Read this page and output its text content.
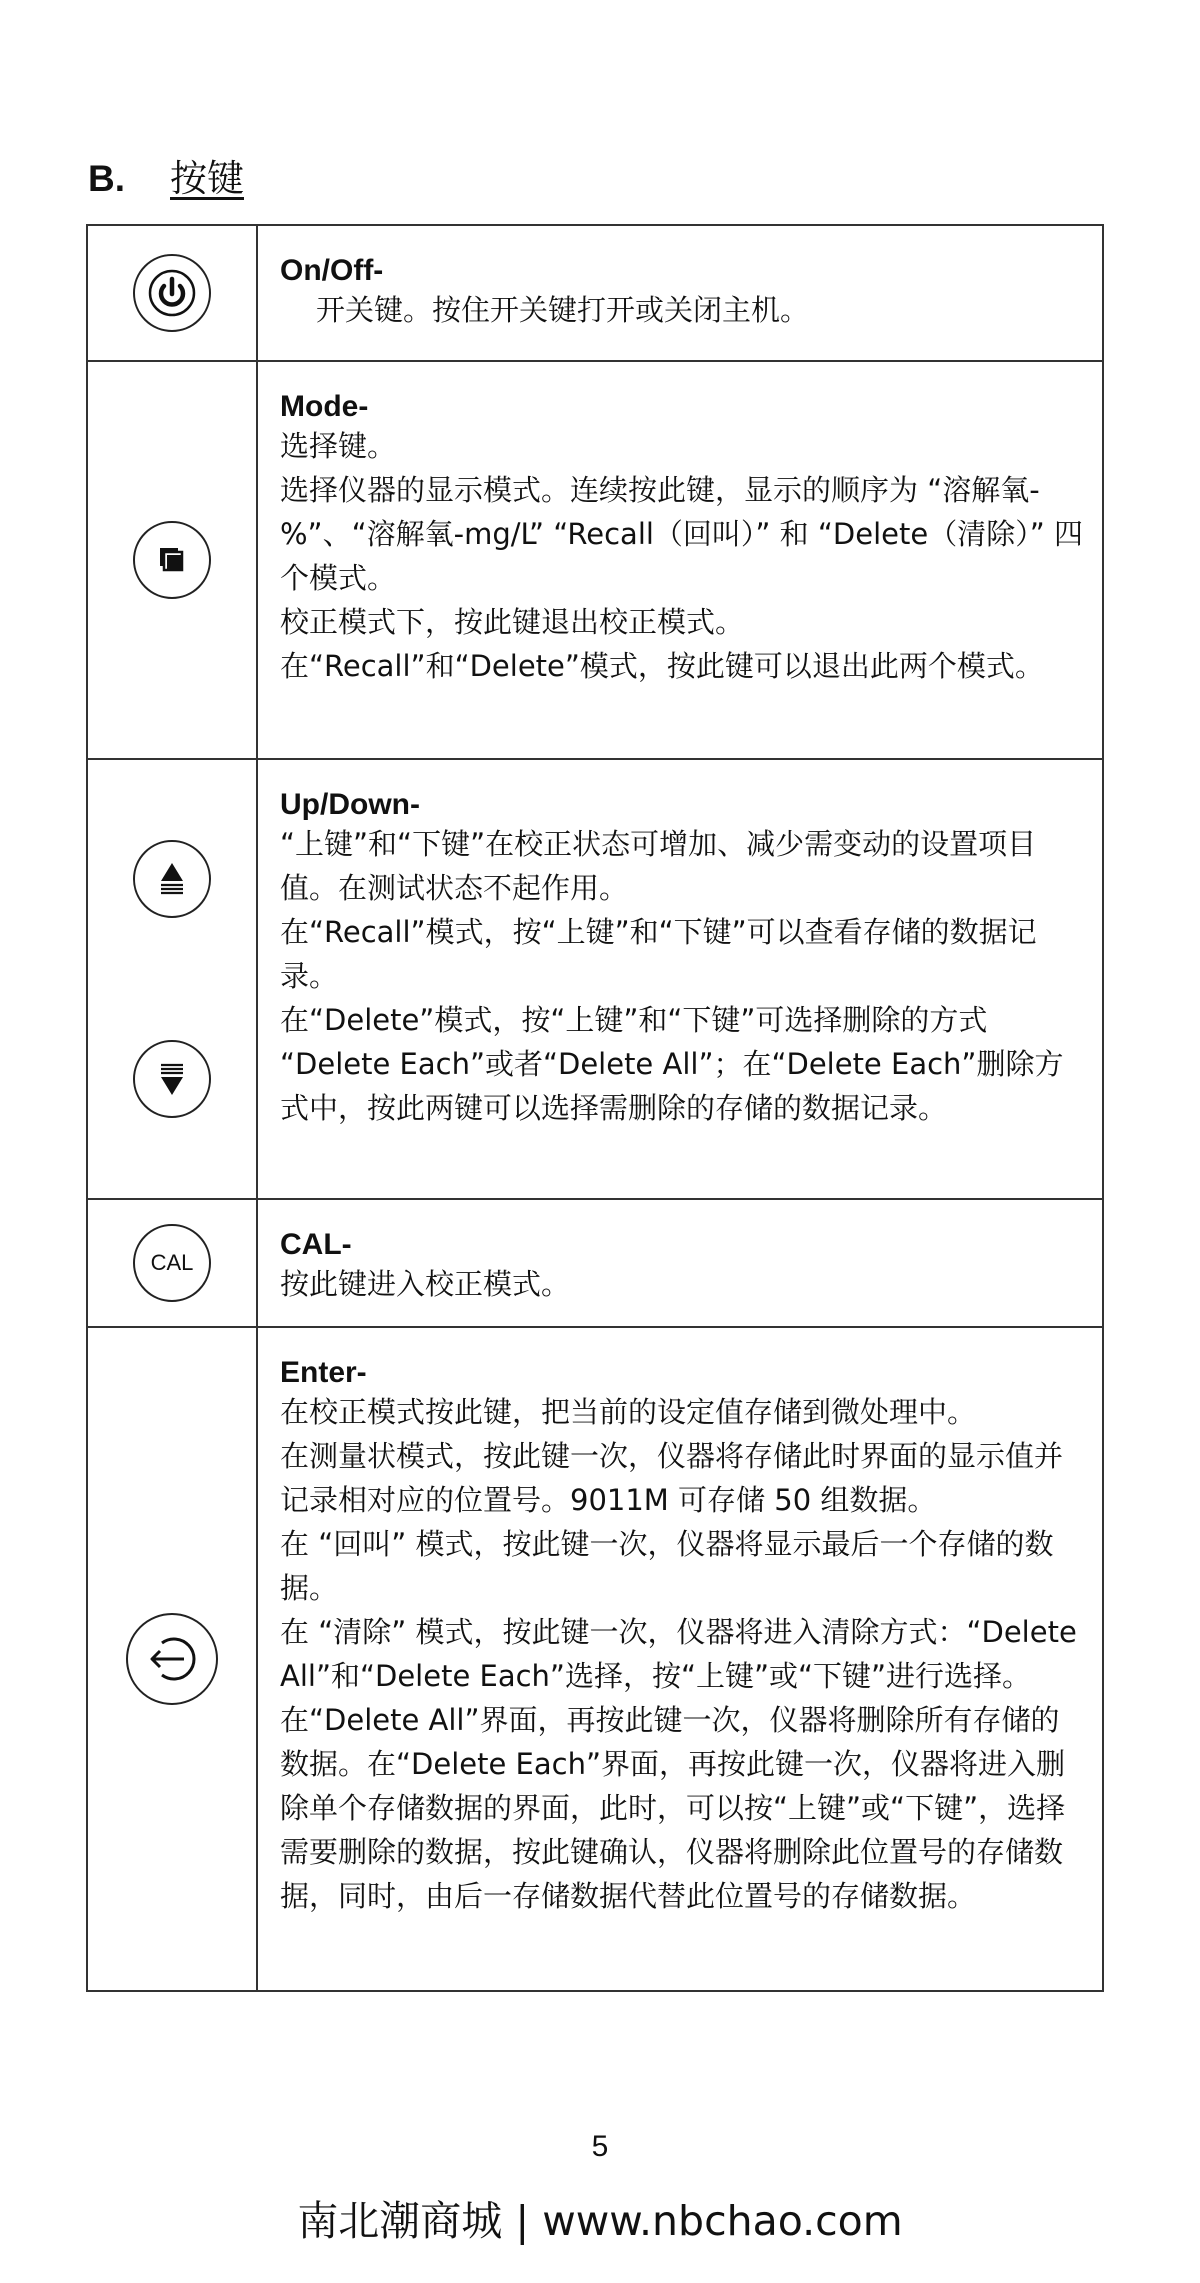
B. 按键

On/Off-
开关键。按住开关键打开或关闭主机。

Mode-
选择键。
选择仪器的显示模式。连续按此键，显示的顺序为 “溶解氧-%”、“溶解氧-mg/L” “Recall（回叫）” 和 “Delete（清除）” 四个模式。
校正模式下，按此键退出校正模式。
在“Recall”和“Delete”模式，按此键可以退出此两个模式。

Up/Down-
“上键”和“下键”在校正状态可增加、减少需变动的设置项目值。在测试状态不起作用。
在“Recall”模式，按“上键”和“下键”可以查看存储的数据记录。
在“Delete”模式，按“上键”和“下键”可选择删除的方式 “Delete Each”或者“Delete All”；在“Delete Each”删除方式中，按此两键可以选择需删除的存储的数据记录。

CAL	CAL-
按此键进入校正模式。

Enter-
在校正模式按此键，把当前的设定值存储到微处理中。
在测量状模式，按此键一次，仪器将存储此时界面的显示值并记录相对应的位置号。9011M 可存储 50 组数据。
在 “回叫” 模式，按此键一次，仪器将显示最后一个存储的数据。
在 “清除” 模式，按此键一次，仪器将进入清除方式：“Delete All”和“Delete Each”选择，按“上键”或“下键”进行选择。在“Delete All”界面，再按此键一次，仪器将删除所有存储的数据。在“Delete Each”界面，再按此键一次，仪器将进入删除单个存储数据的界面，此时，可以按“上键”或“下键”，选择需要删除的数据，按此键确认，仪器将删除此位置号的存储数据，同时，由后一存储数据代替此位置号的存储数据。
5
南北潮商城 | www.nbchao.com
